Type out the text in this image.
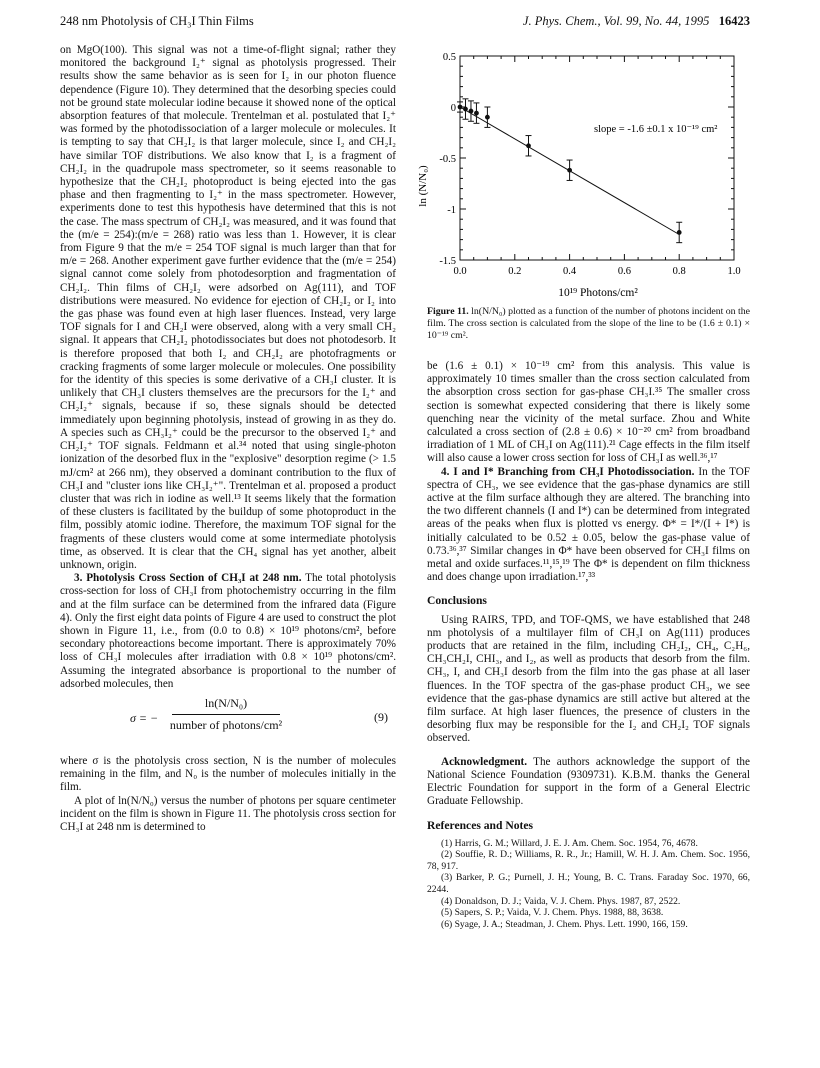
248 nm Photolysis of CH₃I Thin Films	J. Phys. Chem., Vol. 99, No. 44, 1995 16423

on MgO(100). This signal was not a time-of-flight signal; rather they monitored the background I₂⁺ signal as photolysis progressed. Their results show the same behavior as is seen for I₂ in our photon fluence dependence (Figure 10). They determined that the desorbing species could not be ground state molecular iodine because it showed none of the optical absorption features of that molecule. Trentelman et al. postulated that I₂⁺ was formed by the photodissociation of a larger molecule or molecules. It is tempting to say that CH₂I₂ is that larger molecule, since I₂ and CH₂I₂ have similar TOF distributions. We also know that I₂ is a fragment of CH₂I₂ in the quadrupole mass spectrometer, so it seems reasonable to hypothesize that the CH₂I₂ photoproduct is being ejected into the gas phase and then fragmenting to I₂⁺ in the mass spectrometer. However, experiments done to test this hypothesis have determined that this is not the case. The mass spectrum of CH₂I₂ was measured, and it was found that the (m/e = 254):(m/e = 268) ratio was less than 1. However, it is clear from Figure 9 that the m/e = 254 TOF signal is much larger than that for m/e = 268. Another experiment gave further evidence that the (m/e = 254) signal cannot come solely from photodesorption and fragmentation of CH₂I₂. Thin films of CH₂I₂ were adsorbed on Ag(111), and TOF distributions were measured. No evidence for ejection of CH₂I₂ or I₂ into the gas phase was found even at high laser fluences. Instead, very large TOF signals for I and CH₂I were observed, along with a very small CH₂ signal. It appears that CH₂I₂ photodissociates but does not photodesorb. It is therefore proposed that both I₂ and CH₂I₂ are photofragments or cracking fragments of some larger molecule or molecules. One possibility for the identity of this species is some derivative of a CH₃I cluster. It is unlikely that CH₃I clusters themselves are the precursors for the I₂⁺ and CH₂I₂⁺ signals, because if so, these signals should be detected immediately upon beginning photolysis, instead of growing in as they do. A species such as CH₃I₂⁺ could be the precursor to the observed I₂⁺ and CH₂I₂⁺ TOF signals. Feldmann et al.³⁴ noted that using single-photon ionization of the desorbed flux in the "explosive" desorption regime (> 1.5 mJ/cm² at 266 nm), they observed a dominant contribution to the flux of CH₃I and "cluster ions like CH₃I₂⁺". Trentelman et al. proposed a product cluster that was rich in iodine as well.¹³ It seems likely that the formation of these clusters is facilitated by the buildup of some photoproduct in the film, possibly atomic iodine. Therefore, the maximum TOF signal for the fragments of these clusters would come at some intermediate photolysis time, as observed. It is clear that the CH₄ signal has yet another, albeit unknown, origin.

3. Photolysis Cross Section of CH₃I at 248 nm. The total photolysis cross-section for loss of CH₃I from photochemistry occurring in the film and at the film surface can be determined from the infrared data (Figure 4). Only the first eight data points of Figure 4 are used to construct the plot shown in Figure 11, i.e., from (0.0 to 0.8) × 10¹⁹ photons/cm², before secondary photoreactions become important. There is approximately 70% loss of CH₃I molecules after irradiation with 0.8 × 10¹⁹ photons/cm². Assuming the integrated absorbance is proportional to the number of adsorbed molecules, then

σ = −
ln(N/N₀)
number of photons/cm²
(9)

where σ is the photolysis cross section, N is the number of molecules remaining in the film, and N₀ is the number of molecules initially in the film.

A plot of ln(N/N₀) versus the number of photons per square centimeter incident on the film is shown in Figure 11. The photolysis cross section for CH₃I at 248 nm is determined to

0.0	0.2	0.4	0.6	0.8	1.0
0.5
0
-0.5
-1
-1.5
slope = -1.6 ±0.1 x 10⁻¹⁹ cm²
ln (N/N₀)
10¹⁹ Photons/cm²
Figure 11. ln(N/N₀) plotted as a function of the number of photons incident on the film. The cross section is calculated from the slope of the line to be (1.6 ± 0.1) × 10⁻¹⁹ cm².

be (1.6 ± 0.1) × 10⁻¹⁹ cm² from this analysis. This value is approximately 10 times smaller than the cross section calculated from the absorption cross section for gas-phase CH₃I.³⁵ The smaller cross section is somewhat expected considering that there is likely some quenching near the vicinity of the metal surface. Zhou and White calculated a cross section of (2.8 ± 0.6) × 10⁻²⁰ cm² from broadband irradiation of 1 ML of CH₃I on Ag(111).²¹ Cage effects in the film itself will also cause a lower cross section for loss of CH₃I as well.³⁶,¹⁷

4. I and I* Branching from CH₃I Photodissociation. In the TOF spectra of CH₃, we see evidence that the gas-phase dynamics are still active at the film surface although they are altered. The branching into the two different channels (I and I*) can be determined from integrated areas of the peaks when flux is plotted vs energy. Φ* = I*/(I + I*) is initially calculated to be 0.52 ± 0.05, below the gas-phase value of 0.73.³⁶,³⁷ Similar changes in Φ* have been observed for CH₃I films on metal and oxide surfaces.¹¹,¹⁵,¹⁹ The Φ* is dependent on film thickness and does change upon irradiation.¹⁷,³³

Conclusions

Using RAIRS, TPD, and TOF-QMS, we have established that 248 nm photolysis of a multilayer film of CH₃I on Ag(111) produces products that are retained in the film, including CH₂I₂, CH₄, C₂H₆, CH₃CH₂I, CHI₃, and I₂, as well as products that desorb from the film. CH₃, I, and CH₃I desorb from the film into the gas phase at all laser fluences. In the TOF spectra of the gas-phase product CH₃, we see evidence that the gas-phase dynamics are still active but altered at the film surface. At high laser fluences, the presence of clusters in the desorbing flux may be responsible for the I₂ and CH₂I₂ TOF signals observed.

Acknowledgment. The authors acknowledge the support of the National Science Foundation (9309731). K.B.M. thanks the General Electric Foundation for support in the form of a General Electric Graduate Fellowship.

References and Notes

(1) Harris, G. M.; Willard, J. E. J. Am. Chem. Soc. 1954, 76, 4678.

(2) Souffie, R. D.; Williams, R. R., Jr.; Hamill, W. H. J. Am. Chem. Soc. 1956, 78, 917.

(3) Barker, P. G.; Purnell, J. H.; Young, B. C. Trans. Faraday Soc. 1970, 66, 2244.

(4) Donaldson, D. J.; Vaida, V. J. Chem. Phys. 1987, 87, 2522.

(5) Sapers, S. P.; Vaida, V. J. Chem. Phys. 1988, 88, 3638.

(6) Syage, J. A.; Steadman, J. Chem. Phys. Lett. 1990, 166, 159.
